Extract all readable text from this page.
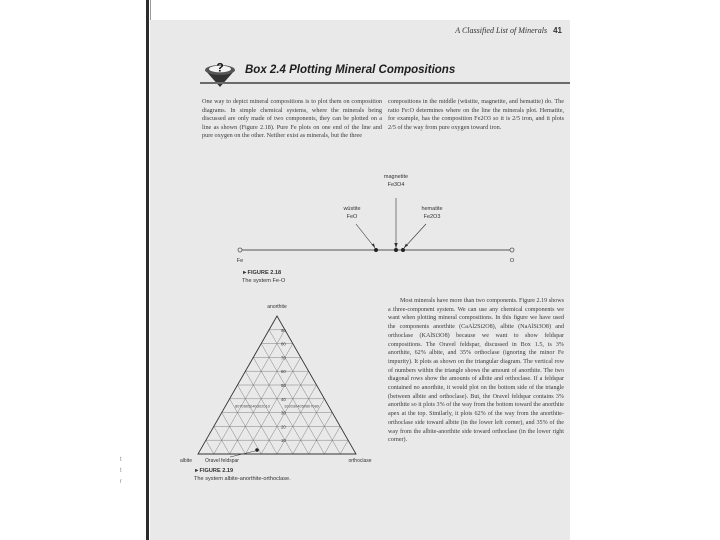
t
t
r
A Classified List of Minerals 41
? Box 2.4 Plotting Mineral Compositions
One way to depict mineral compositions is to plot them on composition diagrams. In simple chemical systems, where the minerals being discussed are only made of two components, they can be plotted on a line as shown (Figure 2.18). Pure Fe plots on one end of the line and pure oxygen on the other. Neither exist as minerals, but the three
compositions in the middle (wüstite, magnetite, and hematite) do. The ratio Fe:O determines where on the line the minerals plot. Hematite, for example, has the composition Fe2O3 so it is 2/5 iron, and it plots 2/5 of the way from pure oxygen toward iron.
magnetite
Fe3O4
wüstite
FeO
hematite
Fe2O3
Fe	O
►FIGURE 2.18
The system Fe-O
anorthite
albite	orthoclase
Oravel feldspar
90
80
70
60
50
40
30
20
10
10
20
30
40
50
60
70
80	10 20 30 40 50 60 70 80
►FIGURE 2.19
The system albite-anorthite-orthoclase.
Most minerals have more than two components. Figure 2.19 shows a three-component system. We can use any chemical components we want when plotting mineral compositions. In this figure we have used the components anorthite (CaAl2Si2O8), albite (NaAlSi3O8) and orthoclase (KAlSi3O8) because we want to show feldspar compositions. The Oravel feldspar, discussed in Box 1.5, is 3% anorthite, 62% albite, and 35% orthoclase (ignoring the minor Fe impurity). It plots as shown on the triangular diagram. The vertical row of numbers within the triangle shows the amount of anorthite. The two diagonal rows show the amounts of albite and orthoclase. If a feldspar contained no anorthite, it would plot on the bottom side of the triangle (between albite and orthoclase). But, the Oravel feldspar contains 3% anorthite so it plots 3% of the way from the bottom toward the anorthite apex at the top. Similarly, it plots 62% of the way from the anorthite-orthoclase side toward albite (in the lower left corner), and 35% of the way from the albite-anorthite side toward orthoclase (in the lower right corner).
